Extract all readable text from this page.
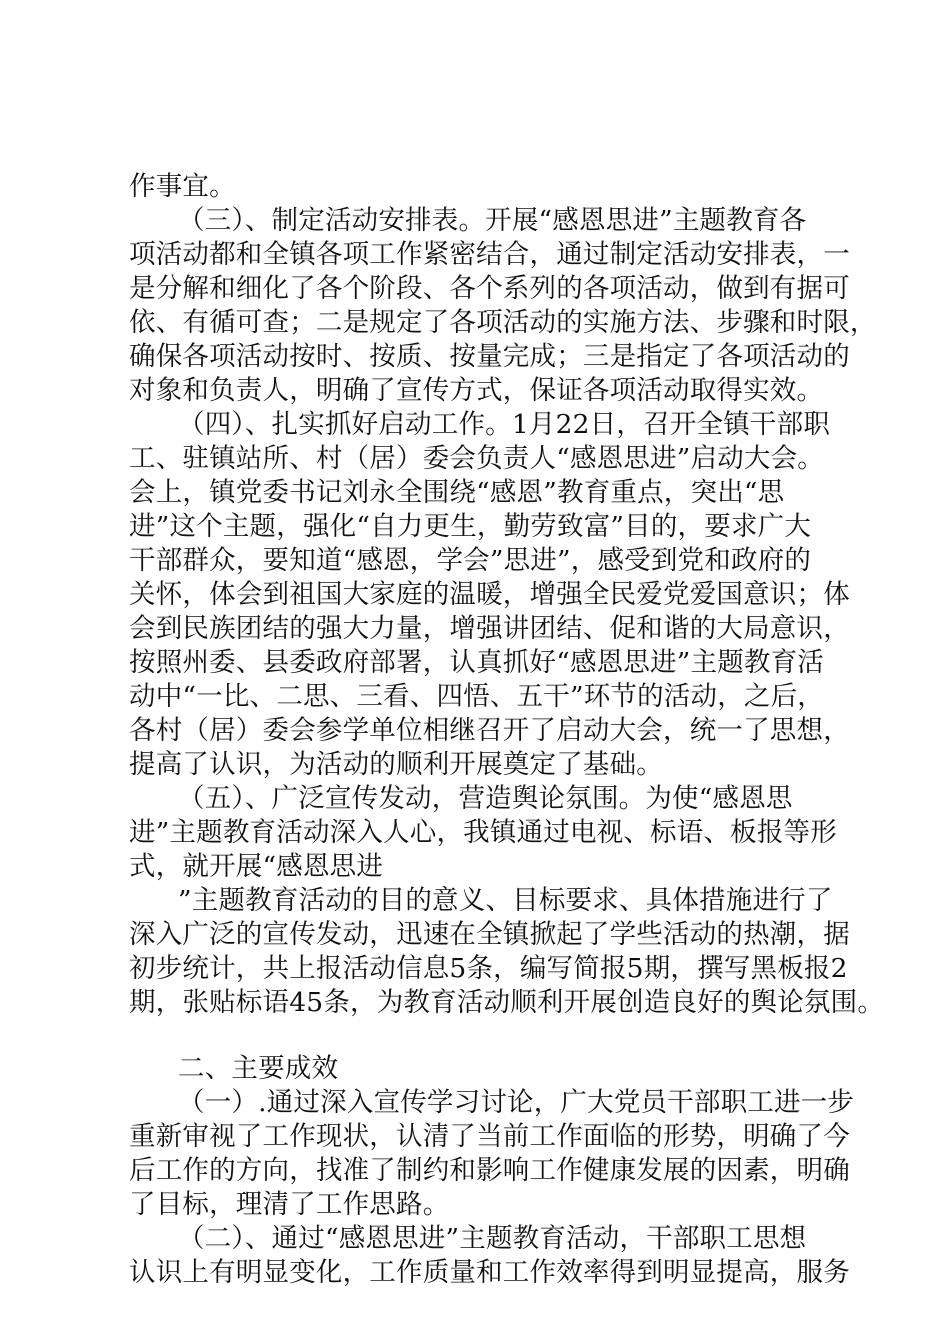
作事宜。
（三）、制定活动安排表。开展“感恩思进”主题教育各
项活动都和全镇各项工作紧密结合，通过制定活动安排表，一
是分解和细化了各个阶段、各个系列的各项活动，做到有据可
依、有循可查；二是规定了各项活动的实施方法、步骤和时限，
确保各项活动按时、按质、按量完成；三是指定了各项活动的
对象和负责人，明确了宣传方式，保证各项活动取得实效。
（四）、扎实抓好启动工作。1月22日，召开全镇干部职
工、驻镇站所、村（居）委会负责人“感恩思进”启动大会。
会上，镇党委书记刘永全围绕“感恩”教育重点，突出“思
进”这个主题，强化“自力更生，勤劳致富”目的，要求广大
干部群众，要知道“感恩，学会”思进”，感受到党和政府的
关怀，体会到祖国大家庭的温暖，增强全民爱党爱国意识；体
会到民族团结的强大力量，增强讲团结、促和谐的大局意识，
按照州委、县委政府部署，认真抓好“感恩思进”主题教育活
动中“一比、二思、三看、四悟、五干”环节的活动，之后，
各村（居）委会参学单位相继召开了启动大会，统一了思想，
提高了认识，为活动的顺利开展奠定了基础。
（五）、广泛宣传发动，营造舆论氛围。为使“感恩思
进”主题教育活动深入人心，我镇通过电视、标语、板报等形
式，就开展“感恩思进
”主题教育活动的目的意义、目标要求、具体措施进行了
深入广泛的宣传发动，迅速在全镇掀起了学些活动的热潮，据
初步统计，共上报活动信息5条，编写简报5期，撰写黑板报2
期，张贴标语45条，为教育活动顺利开展创造良好的舆论氛围。
二、主要成效
（一）.通过深入宣传学习讨论，广大党员干部职工进一步
重新审视了工作现状，认清了当前工作面临的形势，明确了今
后工作的方向，找准了制约和影响工作健康发展的因素，明确
了目标，理清了工作思路。
（二）、通过“感恩思进”主题教育活动，干部职工思想
认识上有明显变化，工作质量和工作效率得到明显提高，服务
